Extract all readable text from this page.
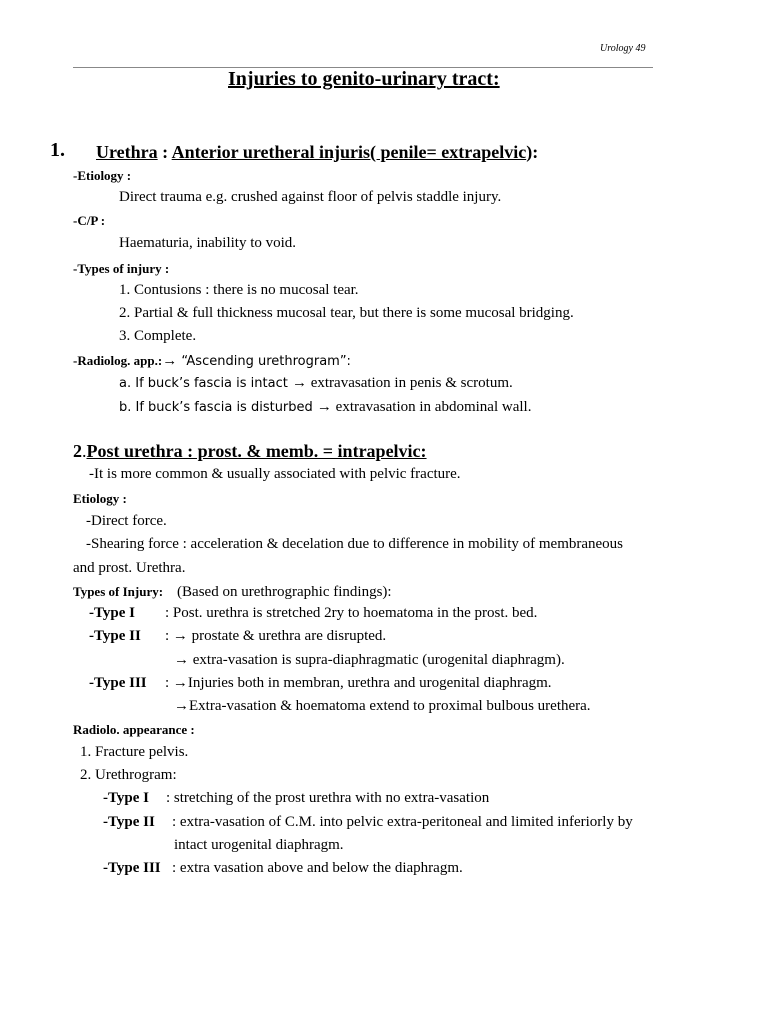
Urology 49
Injuries to genito-urinary tract:
1. Urethra : Anterior uretheral injuris( penile= extrapelvic):
-Etiology :
Direct trauma e.g. crushed against floor of pelvis staddle injury.
-C/P :
Haematuria, inability to void.
-Types of injury :
1. Contusions : there is no mucosal tear.
2. Partial & full thickness mucosal tear, but there is some mucosal bridging.
3. Complete.
-Radiolog. app.:→ “Ascending urethrogram”:
a. If buck’s fascia is intact → extravasation in penis & scrotum.
b. If buck’s fascia is disturbed → extravasation in abdominal wall.
2.Post urethra : prost. & memb. = intrapelvic:
-It is more common & usually associated with pelvic fracture.
Etiology :
-Direct force.
-Shearing force : acceleration & decelation due to difference in mobility of membraneous
and prost. Urethra.
Types of Injury: (Based on urethrographic findings):
-Type I : Post. urethra is stretched 2ry to hoematoma in the prost. bed.
-Type II : → prostate & urethra are disrupted.
→ extra-vasation is supra-diaphragmatic (urogenital diaphragm).
-Type III : →Injuries both in membran, urethra and urogenital diaphragm.
→Extra-vasation & hoematoma extend to proximal bulbous urethera.
Radiolo. appearance :
1. Fracture pelvis.
2. Urethrogram:
-Type I : stretching of the prost urethra with no extra-vasation
-Type II : extra-vasation of C.M. into pelvic extra-peritoneal and limited inferiorly by
intact urogenital diaphragm.
-Type III : extra vasation above and below the diaphragm.
